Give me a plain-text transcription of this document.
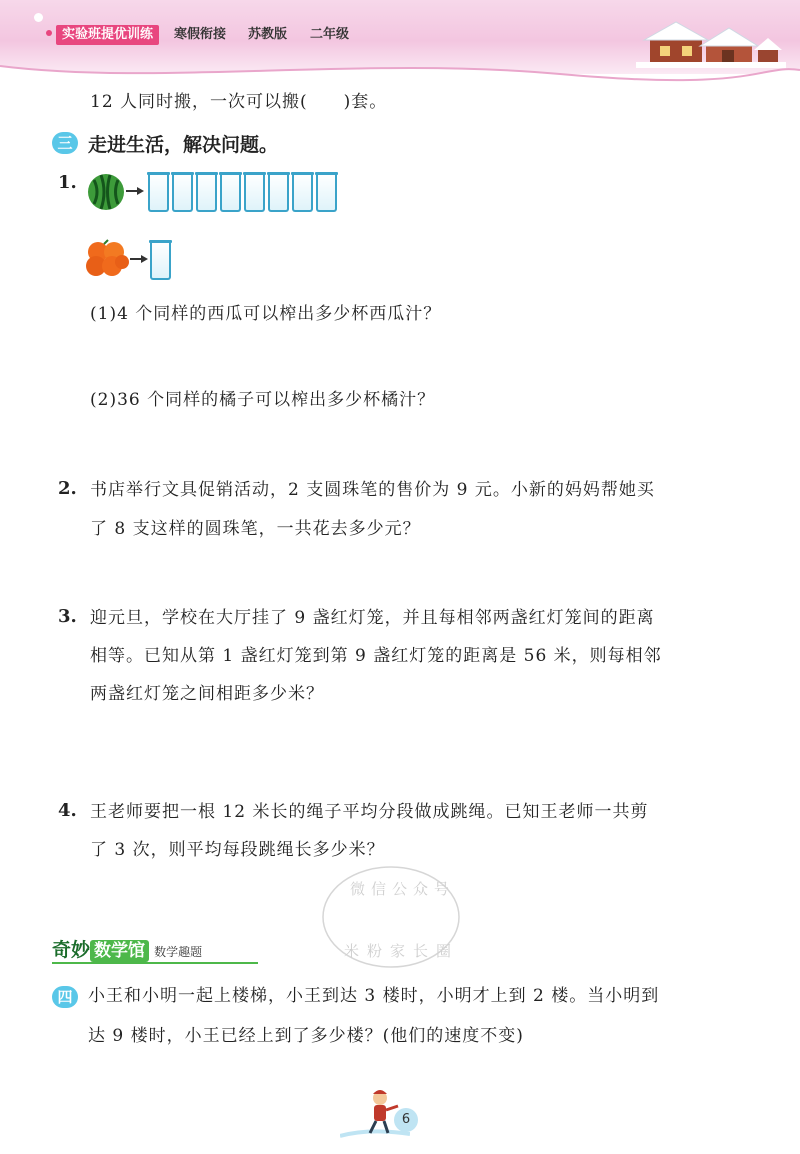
实验班提优训练	寒假衔接 苏教版 二年级
12 人同时搬，一次可以搬(　　)套。
三 走进生活，解决问题。
1.
(1)4 个同样的西瓜可以榨出多少杯西瓜汁？
(2)36 个同样的橘子可以榨出多少杯橘汁？
2. 书店举行文具促销活动，2 支圆珠笔的售价为 9 元。小新的妈妈帮她买
了 8 支这样的圆珠笔，一共花去多少元？
3. 迎元旦，学校在大厅挂了 9 盏红灯笼，并且每相邻两盏红灯笼间的距离
相等。已知从第 1 盏红灯笼到第 9 盏红灯笼的距离是 56 米，则每相邻
两盏红灯笼之间相距多少米？
4. 王老师要把一根 12 米长的绳子平均分段做成跳绳。已知王老师一共剪
了 3 次，则平均每段跳绳长多少米？
微信公众号
米粉家长圈
奇妙 数学馆 数学趣题
四 小王和小明一起上楼梯，小王到达 3 楼时，小明才上到 2 楼。当小明到
达 9 楼时，小王已经上到了多少楼？(他们的速度不变)
6
